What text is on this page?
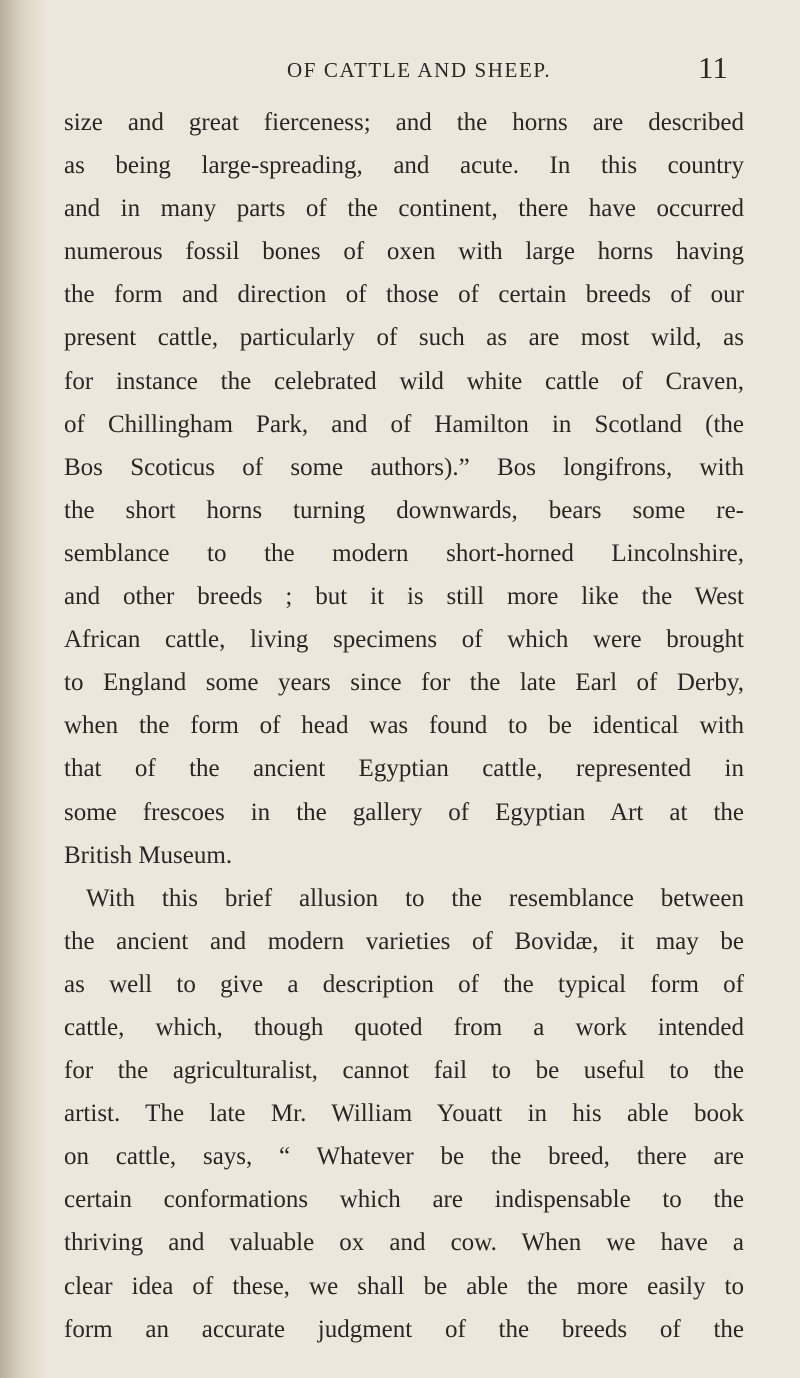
OF CATTLE AND SHEEP.	11
size and great fierceness; and the horns are described
as being large-spreading, and acute. In this country
and in many parts of the continent, there have occurred
numerous fossil bones of oxen with large horns having
the form and direction of those of certain breeds of our
present cattle, particularly of such as are most wild, as
for instance the celebrated wild white cattle of Craven,
of Chillingham Park, and of Hamilton in Scotland (the
Bos Scoticus of some authors).” Bos longifrons, with
the short horns turning downwards, bears some re-
semblance to the modern short-horned Lincolnshire,
and other breeds ; but it is still more like the West
African cattle, living specimens of which were brought
to England some years since for the late Earl of Derby,
when the form of head was found to be identical with
that of the ancient Egyptian cattle, represented in
some frescoes in the gallery of Egyptian Art at the
British Museum.
With this brief allusion to the resemblance between
the ancient and modern varieties of Bovidæ, it may be
as well to give a description of the typical form of
cattle, which, though quoted from a work intended
for the agriculturalist, cannot fail to be useful to the
artist. The late Mr. William Youatt in his able book
on cattle, says, “ Whatever be the breed, there are
certain conformations which are indispensable to the
thriving and valuable ox and cow. When we have a
clear idea of these, we shall be able the more easily to
form an accurate judgment of the breeds of the
